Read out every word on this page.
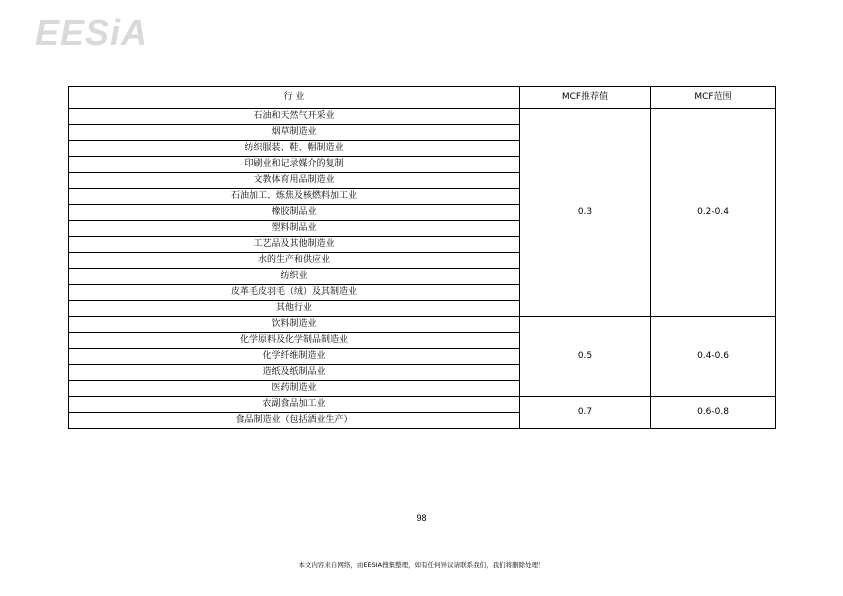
EESiA
行 业	MCF推荐值	MCF范围
石油和天然气开采业	0.3	0.2-0.4
烟草制造业		
纺织服装、鞋、帽制造业		
印刷业和记录媒介的复制		
文教体育用品制造业		
石油加工、炼焦及核燃料加工业		
橡胶制品业		
塑料制品业		
工艺品及其他制造业		
水的生产和供应业		
纺织业		
皮革毛皮羽毛（绒）及其制造业		
其他行业		
饮料制造业	0.5	0.4-0.6
化学原料及化学制品制造业		
化学纤维制造业		
造纸及纸制品业		
医药制造业		
农副食品加工业	0.7	0.6-0.8
食品制造业（包括酒业生产）		
98
本文内容来自网络，由EESIA搜集整理，如有任何异议请联系我们，我们将删除处理！
